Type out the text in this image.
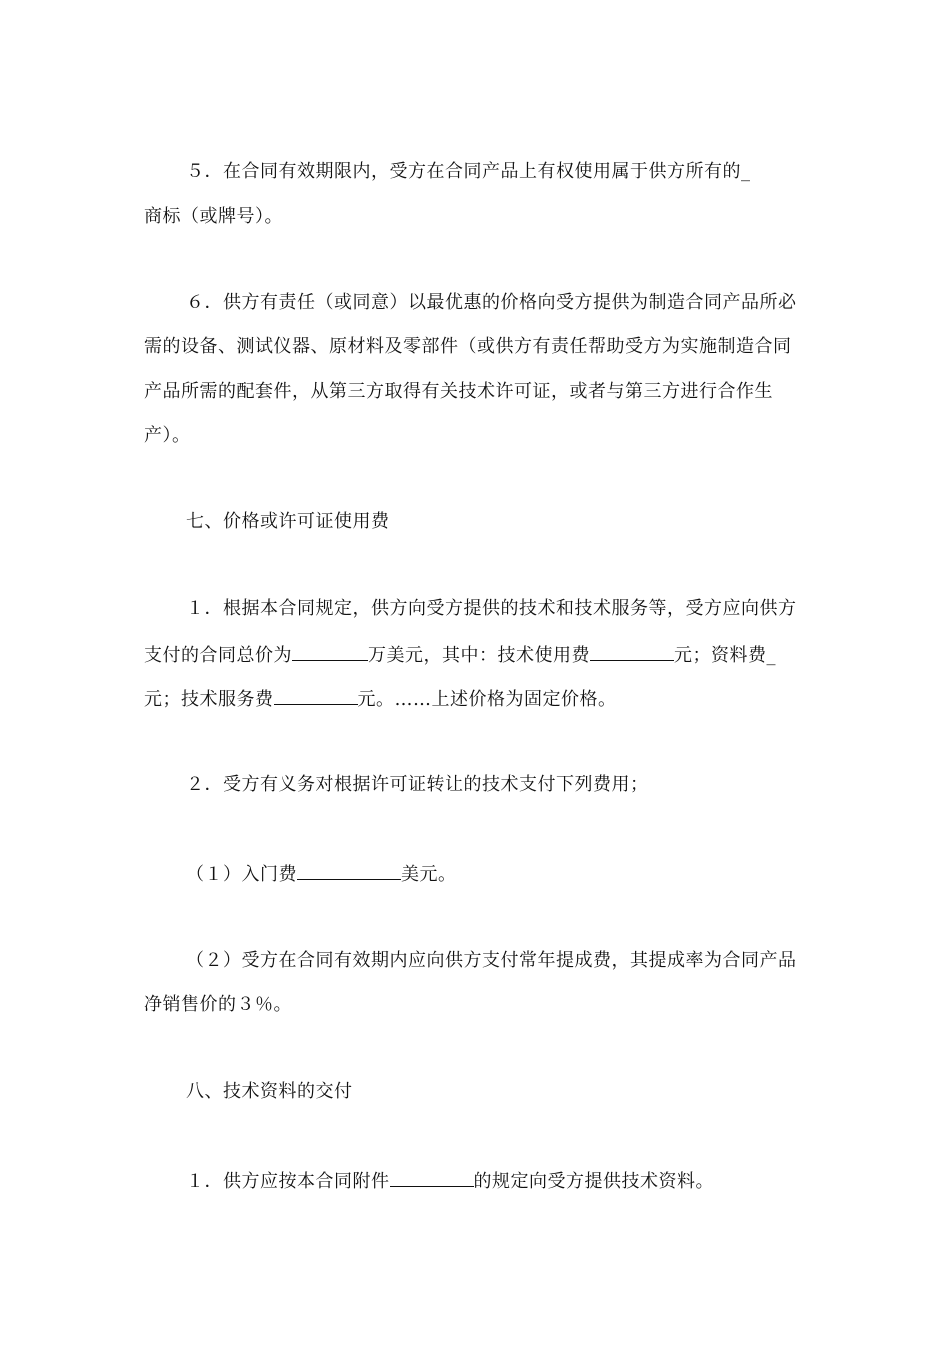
５．在合同有效期限内，受方在合同产品上有权使用属于供方所有的_
商标（或牌号）。
６．供方有责任（或同意）以最优惠的价格向受方提供为制造合同产品所必
需的设备、测试仪器、原材料及零部件（或供方有责任帮助受方为实施制造合同
产品所需的配套件，从第三方取得有关技术许可证，或者与第三方进行合作生
产）。
七、价格或许可证使用费
１．根据本合同规定，供方向受方提供的技术和技术服务等，受方应向供方
支付的合同总价为	万美元，其中：技术使用费	元；资料费_
元；技术服务费	元。……上述价格为固定价格。
２．受方有义务对根据许可证转让的技术支付下列费用；
（１）入门费	美元。
（２）受方在合同有效期内应向供方支付常年提成费，其提成率为合同产品
净销售价的３％。
八、技术资料的交付
１．供方应按本合同附件	的规定向受方提供技术资料。
